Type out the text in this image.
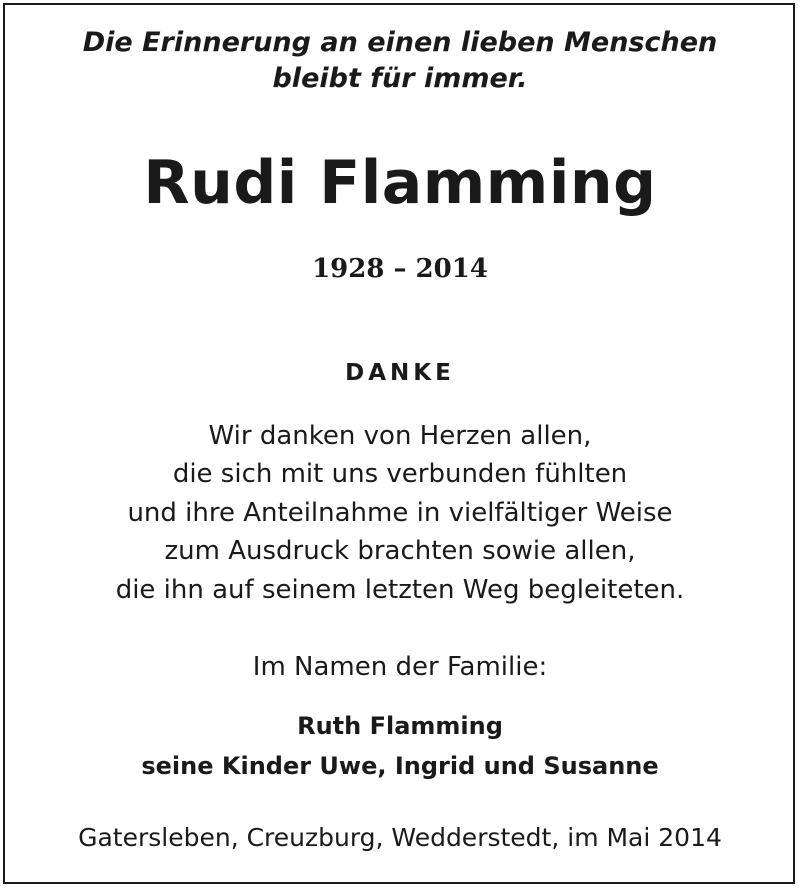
Die Erinnerung an einen lieben Menschen
bleibt für immer.
Rudi Flamming
1928 – 2014
DANKE
Wir danken von Herzen allen,
die sich mit uns verbunden fühlten
und ihre Anteilnahme in vielfältiger Weise
zum Ausdruck brachten sowie allen,
die ihn auf seinem letzten Weg begleiteten.
Im Namen der Familie:
Ruth Flamming
seine Kinder Uwe, Ingrid und Susanne
Gatersleben, Creuzburg, Wedderstedt, im Mai 2014
